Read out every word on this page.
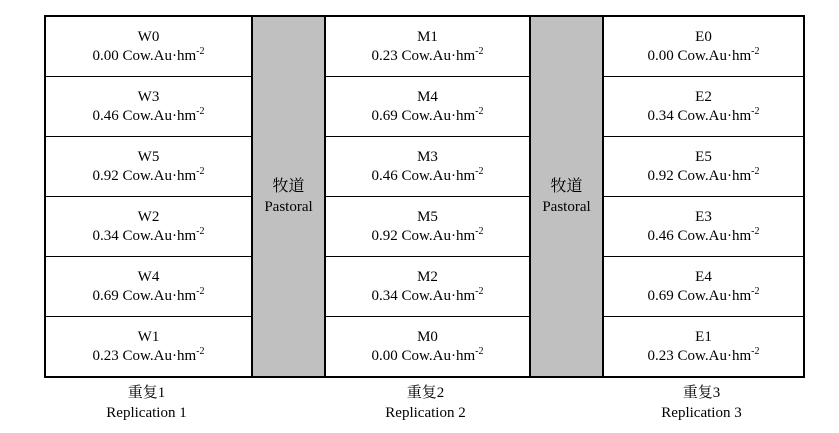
W0
0.00 $Cow.Au\cdot hm^{-2}$
W3
0.46 $Cow.Au\cdot hm^{-2}$
W5
0.92 $Cow.Au\cdot hm^{-2}$
W2
0.34 $Cow.Au\cdot hm^{-2}$
W4
0.69 $Cow.Au\cdot hm^{-2}$
W1
0.23 $Cow.Au\cdot hm^{-2}$
牧道
Pastoral
M1
0.23 $Cow.Au\cdot hm^{-2}$
M4
0.69 $Cow.Au\cdot hm^{-2}$
M3
0.46 $Cow.Au\cdot hm^{-2}$
M5
0.92 $Cow.Au\cdot hm^{-2}$
M2
0.34 $Cow.Au\cdot hm^{-2}$
M0
0.00 $Cow.Au\cdot hm^{-2}$
牧道
Pastoral
E0
0.00 $Cow.Au\cdot hm^{-2}$
E2
0.34 $Cow.Au\cdot hm^{-2}$
E5
0.92 $Cow.Au\cdot hm^{-2}$
E3
0.46 $Cow.Au\cdot hm^{-2}$
E4
0.69 $Cow.Au\cdot hm^{-2}$
E1
0.23 $Cow.Au\cdot hm^{-2}$
重复1
Replication 1
重复2
Replication 2
重复3
Replication 3
